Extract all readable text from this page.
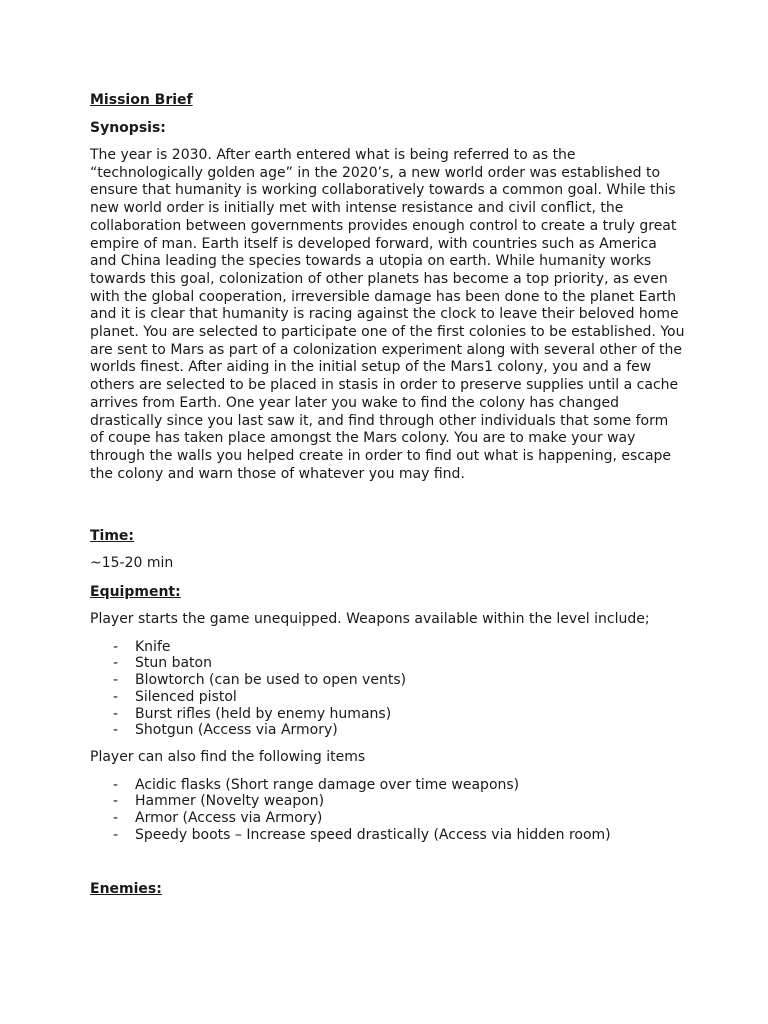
Mission Brief

Synopsis:

The year is 2030. After earth entered what is being referred to as the
“technologically golden age” in the 2020’s, a new world order was established to
ensure that humanity is working collaboratively towards a common goal. While this
new world order is initially met with intense resistance and civil conflict, the
collaboration between governments provides enough control to create a truly great
empire of man. Earth itself is developed forward, with countries such as America
and China leading the species towards a utopia on earth. While humanity works
towards this goal, colonization of other planets has become a top priority, as even
with the global cooperation, irreversible damage has been done to the planet Earth
and it is clear that humanity is racing against the clock to leave their beloved home
planet. You are selected to participate one of the first colonies to be established. You
are sent to Mars as part of a colonization experiment along with several other of the
worlds finest. After aiding in the initial setup of the Mars1 colony, you and a few
others are selected to be placed in stasis in order to preserve supplies until a cache
arrives from Earth. One year later you wake to find the colony has changed
drastically since you last saw it, and find through other individuals that some form
of coupe has taken place amongst the Mars colony. You are to make your way
through the walls you helped create in order to find out what is happening, escape
the colony and warn those of whatever you may find.

Time:

~15-20 min

Equipment:

Player starts the game unequipped. Weapons available within the level include;

- Knife
- Stun baton
- Blowtorch (can be used to open vents)
- Silenced pistol
- Burst rifles (held by enemy humans)
- Shotgun (Access via Armory)

Player can also find the following items

- Acidic flasks (Short range damage over time weapons)
- Hammer (Novelty weapon)
- Armor (Access via Armory)
- Speedy boots – Increase speed drastically (Access via hidden room)

Enemies:
